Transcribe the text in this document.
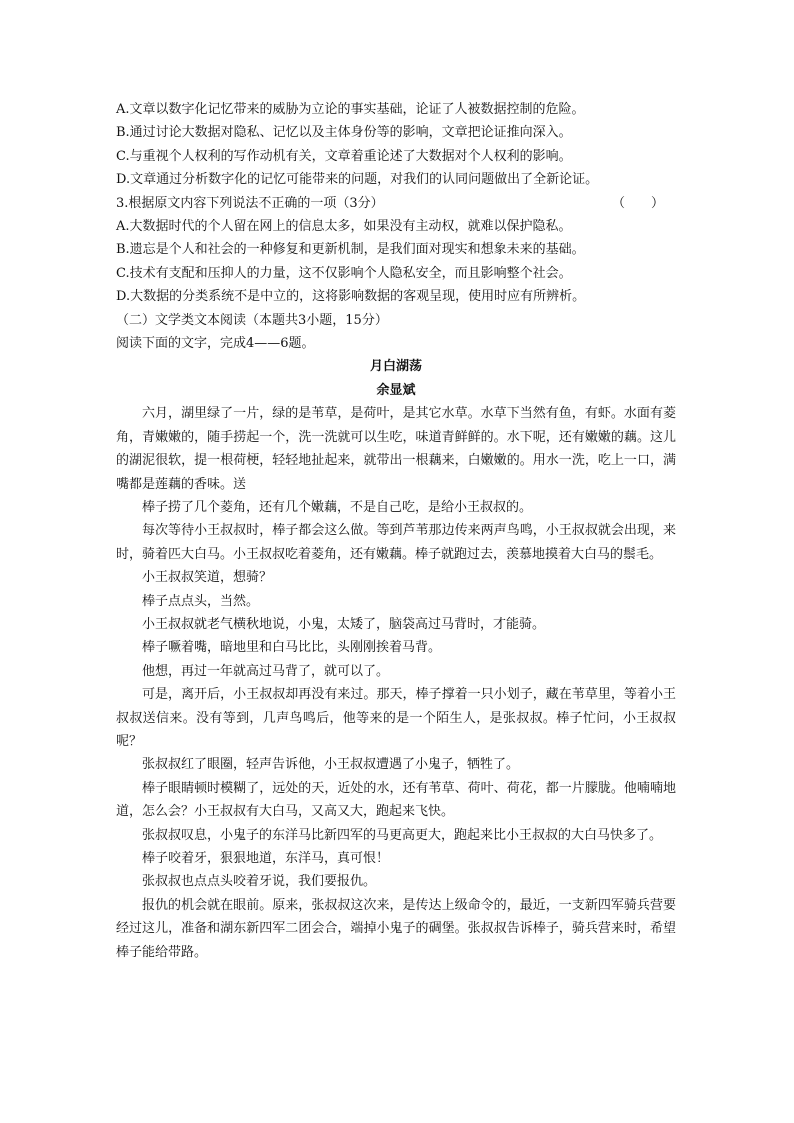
A.文章以数字化记忆带来的威胁为立论的事实基础，论证了人被数据控制的危险。

B.通过讨论大数据对隐私、记忆以及主体身份等的影响，文章把论证推向深入。

C.与重视个人权利的写作动机有关，文章着重论述了大数据对个人权利的影响。

D.文章通过分析数字化的记忆可能带来的问题，对我们的认同问题做出了全新论证。

3.根据原文内容下列说法不正确的一项（3分）	（　　）

A.大数据时代的个人留在网上的信息太多，如果没有主动权，就难以保护隐私。

B.遗忘是个人和社会的一种修复和更新机制，是我们面对现实和想象未来的基础。

C.技术有支配和压抑人的力量，这不仅影响个人隐私安全，而且影响整个社会。

D.大数据的分类系统不是中立的，这将影响数据的客观呈现，使用时应有所辨析。

（二）文学类文本阅读（本题共3小题，15分）

阅读下面的文字，完成4——6题。

月白湖荡

余显斌

六月，湖里绿了一片，绿的是苇草，是荷叶，是其它水草。水草下当然有鱼，有虾。水面有菱角，青嫩嫩的，随手捞起一个，洗一洗就可以生吃，味道青鲜鲜的。水下呢，还有嫩嫩的藕。这儿的湖泥很软，提一根荷梗，轻轻地扯起来，就带出一根藕来，白嫩嫩的。用水一洗，吃上一口，满嘴都是莲藕的香味。送

棒子捞了几个菱角，还有几个嫩藕，不是自己吃，是给小王叔叔的。

每次等待小王叔叔时，棒子都会这么做。等到芦苇那边传来两声鸟鸣，小王叔叔就会出现，来时，骑着匹大白马。小王叔叔吃着菱角，还有嫩藕。棒子就跑过去，羡慕地摸着大白马的鬃毛。

小王叔叔笑道，想骑？

棒子点点头，当然。

小王叔叔就老气横秋地说，小鬼，太矮了，脑袋高过马背时，才能骑。

棒子噘着嘴，暗地里和白马比比，头刚刚挨着马背。

他想，再过一年就高过马背了，就可以了。

可是，离开后，小王叔叔却再没有来过。那天，棒子撑着一只小划子，藏在苇草里，等着小王叔叔送信来。没有等到，几声鸟鸣后，他等来的是一个陌生人，是张叔叔。棒子忙问，小王叔叔呢？

张叔叔红了眼圈，轻声告诉他，小王叔叔遭遇了小鬼子，牺牲了。

棒子眼睛顿时模糊了，远处的天，近处的水，还有苇草、荷叶、荷花，都一片朦胧。他喃喃地道，怎么会？小王叔叔有大白马，又高又大，跑起来飞快。

张叔叔叹息，小鬼子的东洋马比新四军的马更高更大，跑起来比小王叔叔的大白马快多了。

棒子咬着牙，狠狠地道，东洋马，真可恨！

张叔叔也点点头咬着牙说，我们要报仇。

报仇的机会就在眼前。原来，张叔叔这次来，是传达上级命令的，最近，一支新四军骑兵营要经过这儿，准备和湖东新四军二团会合，端掉小鬼子的碉堡。张叔叔告诉棒子，骑兵营来时，希望棒子能给带路。
